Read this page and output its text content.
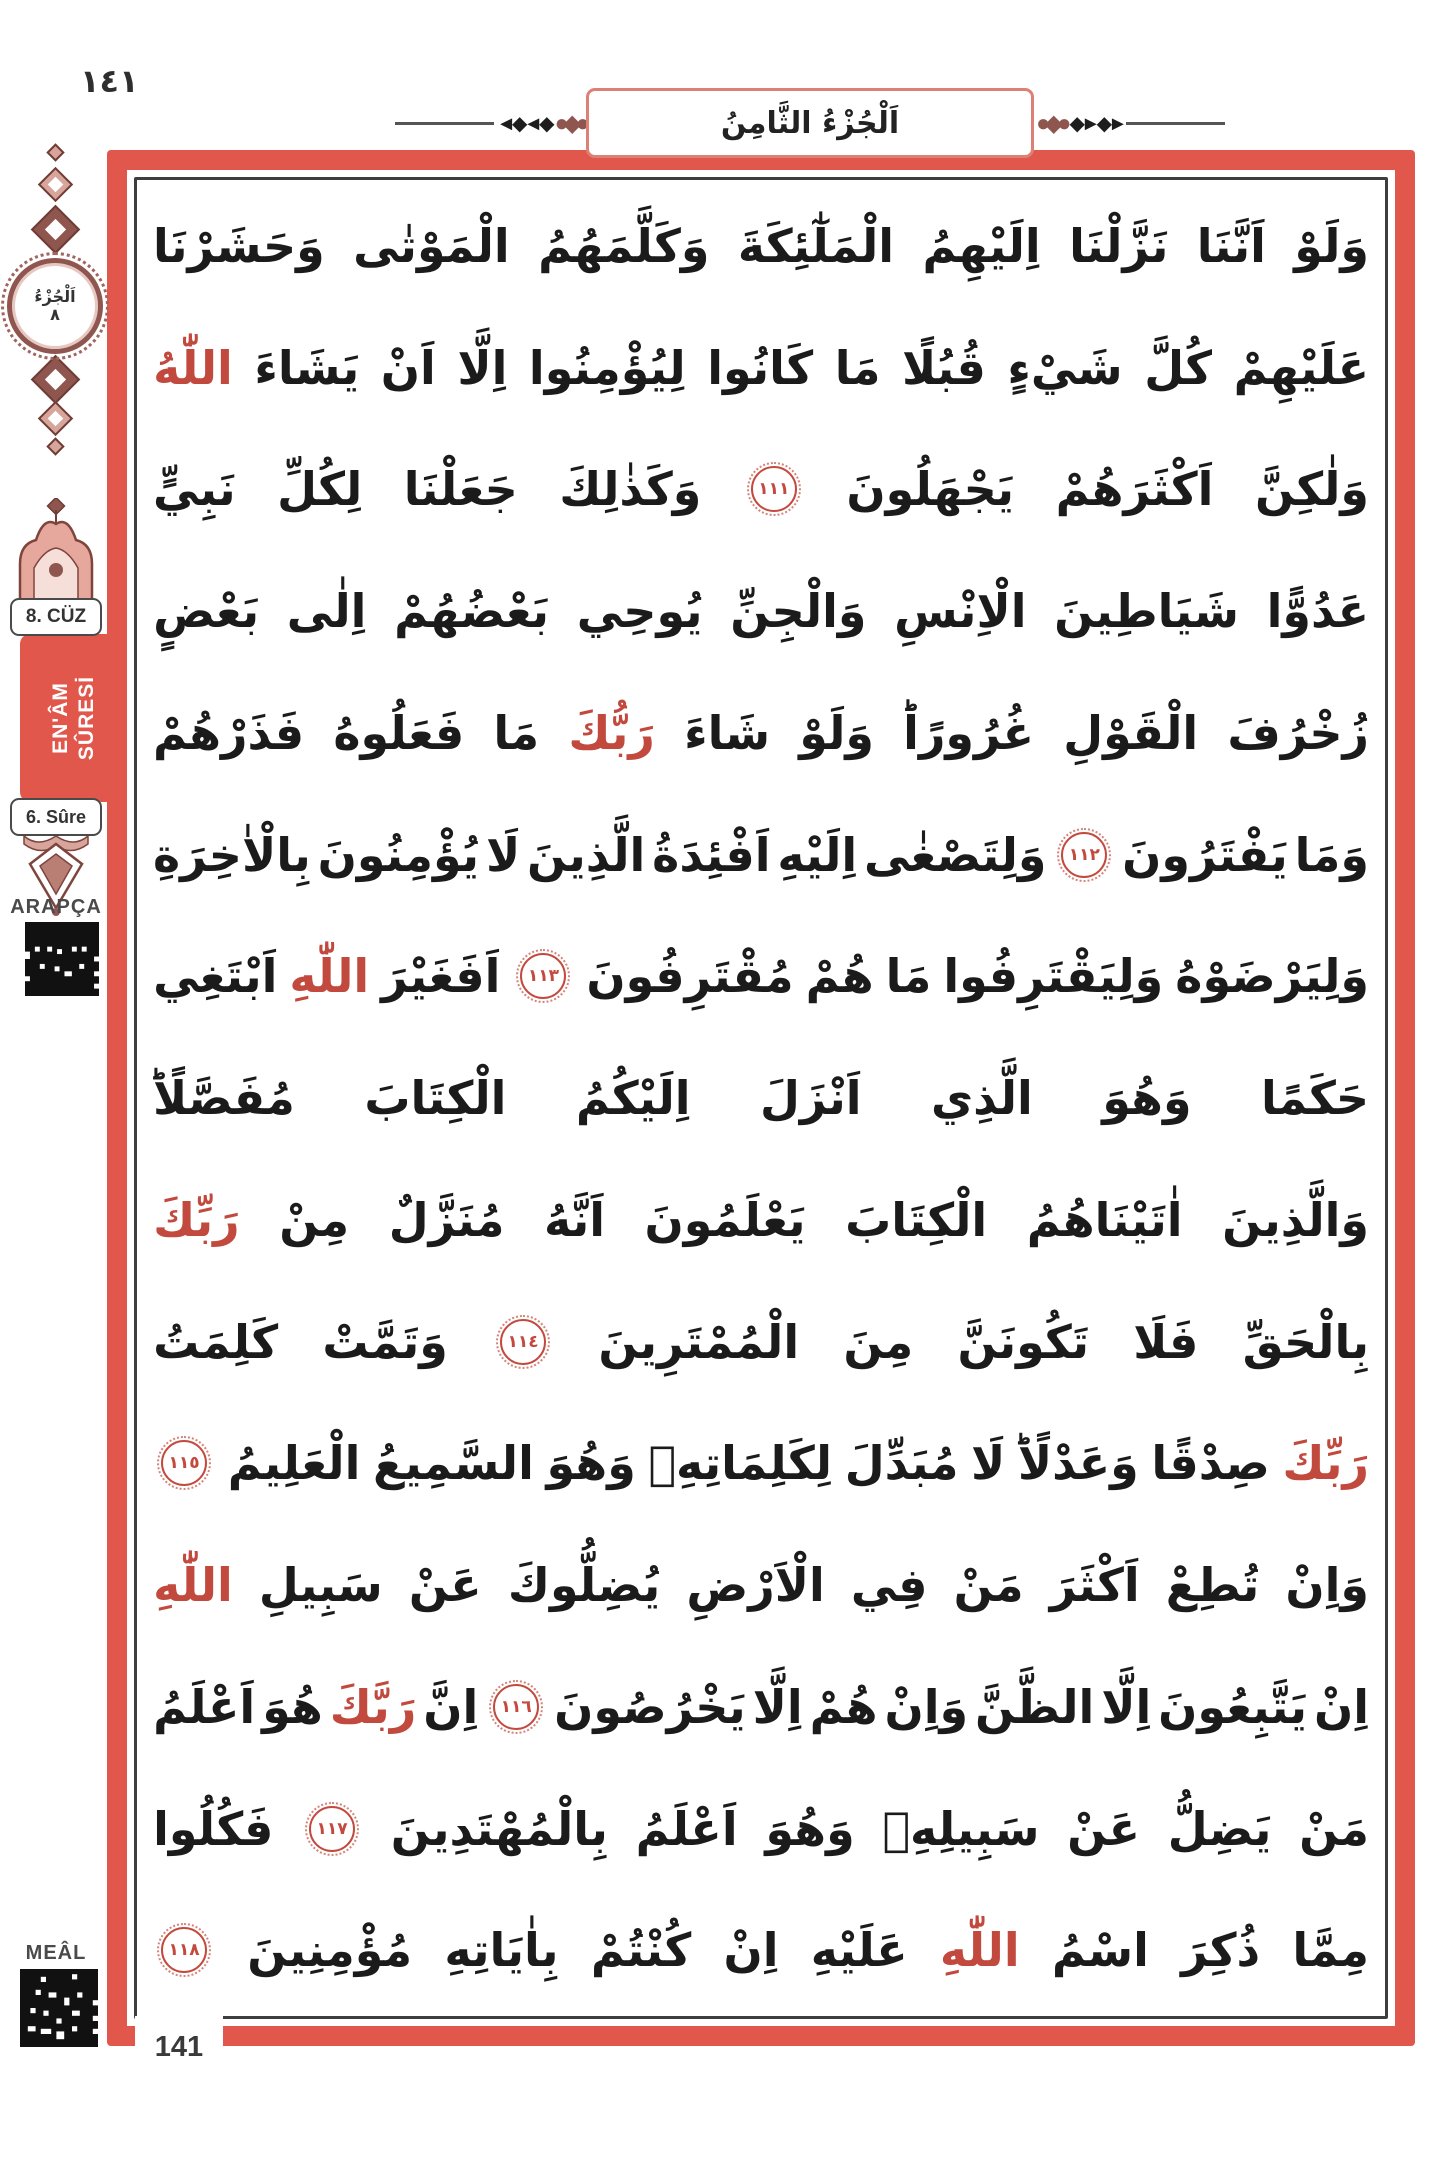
١٤١
◄◆◄◆ ●◆●	اَلْجُزْءُ الثَّامِنُ	●◆● ◆►◆►
اَلْجُزْءُ
٨
8. CÜZ
EN'ÂM SÛRESİ
6. Sûre
ARAPÇA
MEÂL
وَلَوْ
اَنَّنَا
نَزَّلْنَا
اِلَيْهِمُ
الْمَلٰٓئِكَةَ
وَكَلَّمَهُمُ
الْمَوْتٰى
وَحَشَرْنَا
عَلَيْهِمْ
كُلَّ
شَيْءٍ
قُبُلًا
مَا
كَانُوا
لِيُؤْمِنُوا
اِلَّا
اَنْ
يَشَاءَ
اللّٰهُ
وَلٰكِنَّ
اَكْثَرَهُمْ
يَجْهَلُونَ
١١١
وَكَذٰلِكَ
جَعَلْنَا
لِكُلِّ
نَبِيٍّ
عَدُوًّا
شَيَاطِينَ
الْاِنْسِ
وَالْجِنِّ
يُوحِي
بَعْضُهُمْ
اِلٰى
بَعْضٍ
زُخْرُفَ
الْقَوْلِ
غُرُورًاؕ
وَلَوْ
شَاءَ
رَبُّكَ
مَا
فَعَلُوهُ
فَذَرْهُمْ
وَمَا
يَفْتَرُونَ
١١٢
وَلِتَصْغٰى
اِلَيْهِ
اَفْئِدَةُ
الَّذِينَ
لَا
يُؤْمِنُونَ
بِالْاٰخِرَةِ
وَلِيَرْضَوْهُ
وَلِيَقْتَرِفُوا
مَا
هُمْ
مُقْتَرِفُونَ
١١٣
اَفَغَيْرَ
اللّٰهِ
اَبْتَغِي
حَكَمًا
وَهُوَ
الَّذِي
اَنْزَلَ
اِلَيْكُمُ
الْكِتَابَ
مُفَصَّلًاؕ
وَالَّذِينَ
اٰتَيْنَاهُمُ
الْكِتَابَ
يَعْلَمُونَ
اَنَّهُ
مُنَزَّلٌ
مِنْ
رَبِّكَ
بِالْحَقِّ
فَلَا
تَكُونَنَّ
مِنَ
الْمُمْتَرِينَ
١١٤
وَتَمَّتْ
كَلِمَتُ
رَبِّكَ
صِدْقًا
وَعَدْلًاؕ
لَا
مُبَدِّلَ
لِكَلِمَاتِهِۚ
وَهُوَ
السَّمِيعُ
الْعَلِيمُ
١١٥
وَاِنْ
تُطِعْ
اَكْثَرَ
مَنْ
فِي
الْاَرْضِ
يُضِلُّوكَ
عَنْ
سَبِيلِ
اللّٰهِ
اِنْ
يَتَّبِعُونَ
اِلَّا
الظَّنَّ
وَاِنْ
هُمْ
اِلَّا
يَخْرُصُونَ
١١٦
اِنَّ
رَبَّكَ
هُوَ
اَعْلَمُ
مَنْ
يَضِلُّ
عَنْ
سَبِيلِهِۚ
وَهُوَ
اَعْلَمُ
بِالْمُهْتَدِينَ
١١٧
فَكُلُوا
مِمَّا
ذُكِرَ
اسْمُ
اللّٰهِ
عَلَيْهِ
اِنْ
كُنْتُمْ
بِاٰيَاتِهِ
مُؤْمِنِينَ
١١٨
141
